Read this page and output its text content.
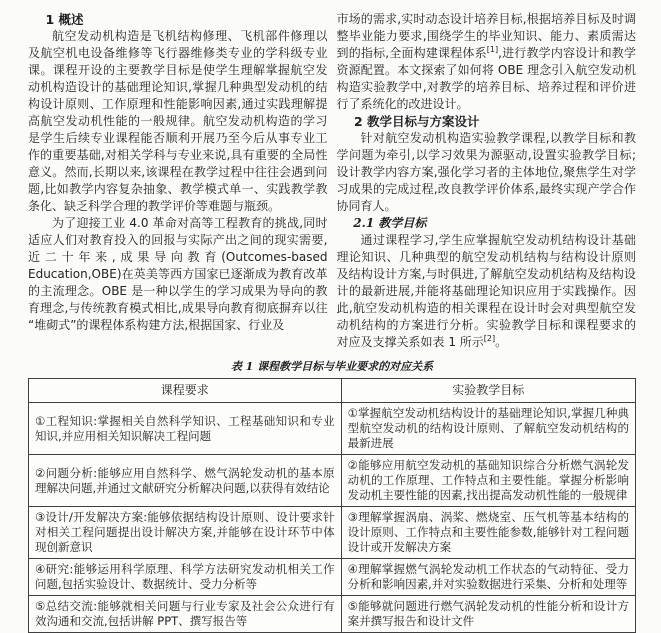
1 概述

航空发动机构造是飞机结构修理、飞机部件修理以及航空机电设备维修等飞行器维修类专业的学科级专业课。课程开设的主要教学目标是使学生理解掌握航空发动机构造设计的基础理论知识,掌握几种典型发动机的结构设计原则、工作原理和性能影响因素,通过实践理解提高航空发动机性能的一般规律。航空发动机构造的学习是学生后续专业课程能否顺利开展乃至今后从事专业工作的重要基础,对相关学科与专业来说,具有重要的全局性意义。然而,长期以来,该课程在教学过程中往往会遇到问题,比如教学内容复杂抽象、教学模式单一、实践教学教条化、缺乏科学合理的教学评价等难题与瓶颈。

为了迎接工业 4.0 革命对高等工程教育的挑战,同时适应人们对教育投入的回报与实际产出之间的现实需要,近二十年来,成果导向教育(Outcomes-based Education,OBE)在英美等西方国家已逐渐成为教育改革的主流理念。OBE 是一种以学生的学习成果为导向的教育理念,与传统教育模式相比,成果导向教育彻底摒弃以往“堆砌式”的课程体系构建方法,根据国家、行业及

市场的需求,实时动态设计培养目标,根据培养目标及时调整毕业能力要求,围绕学生的毕业知识、能力、素质需达到的指标,全面构建课程体系[1],进行教学内容设计和教学资源配置。本文探索了如何将 OBE 理念引入航空发动机构造实验教学中,对教学的培养目标、培养过程和评价进行了系统化的改进设计。

2 教学目标与方案设计

针对航空发动机构造实验教学课程,以教学目标和教学问题为牵引,以学习效果为源驱动,设置实验教学目标;设计教学内容方案,强化学习者的主体地位,聚焦学生对学习成果的完成过程,改良教学评价体系,最终实现产学合作协同育人。

2.1 教学目标

通过课程学习,学生应掌握航空发动机结构设计基础理论知识、几种典型的航空发动机结构与结构设计原则及结构设计方案,与时俱进,了解航空发动机结构及结构设计的最新进展,并能将基础理论知识应用于实践操作。因此,航空发动机构造的相关课程在设计时会对典型航空发动机结构的方案进行分析。实验教学目标和课程要求的对应及支撑关系如表 1 所示[2]。

表 1 课程教学目标与毕业要求的对应关系
课程要求	实验教学目标
①工程知识:掌握相关自然科学知识、工程基础知识和专业知识,并应用相关知识解决工程问题	①掌握航空发动机结构设计的基础理论知识,掌握几种典型航空发动机的结构设计原则、了解航空发动机结构的最新进展
②问题分析:能够应用自然科学、燃气涡轮发动机的基本原理解决问题,并通过文献研究分析解决问题,以获得有效结论	②能够应用航空发动机的基础知识综合分析燃气涡轮发动机的工作原理、工作特点和主要性能。掌握分析影响发动机主要性能的因素,找出提高发动机性能的一般规律
③设计/开发解决方案:能够依据结构设计原则、设计要求针对相关工程问题提出设计解决方案,并能够在设计环节中体现创新意识	③理解掌握涡扇、涡桨、燃烧室、压气机等基本结构的设计原则、工作特点和主要性能参数,能够针对工程问题设计或开发解决方案
④研究:能够运用科学原理、科学方法研究发动机相关工作问题,包括实验设计、数据统计、受力分析等	④理解掌握燃气涡轮发动机工作状态的气动特征、受力分析和影响因素,并对实验数据进行采集、分析和处理等
⑤总结交流:能够就相关问题与行业专家及社会公众进行有效沟通和交流,包括讲解 PPT、撰写报告等	⑤能够就问题进行燃气涡轮发动机的性能分析和设计方案并撰写报告和设计文件
